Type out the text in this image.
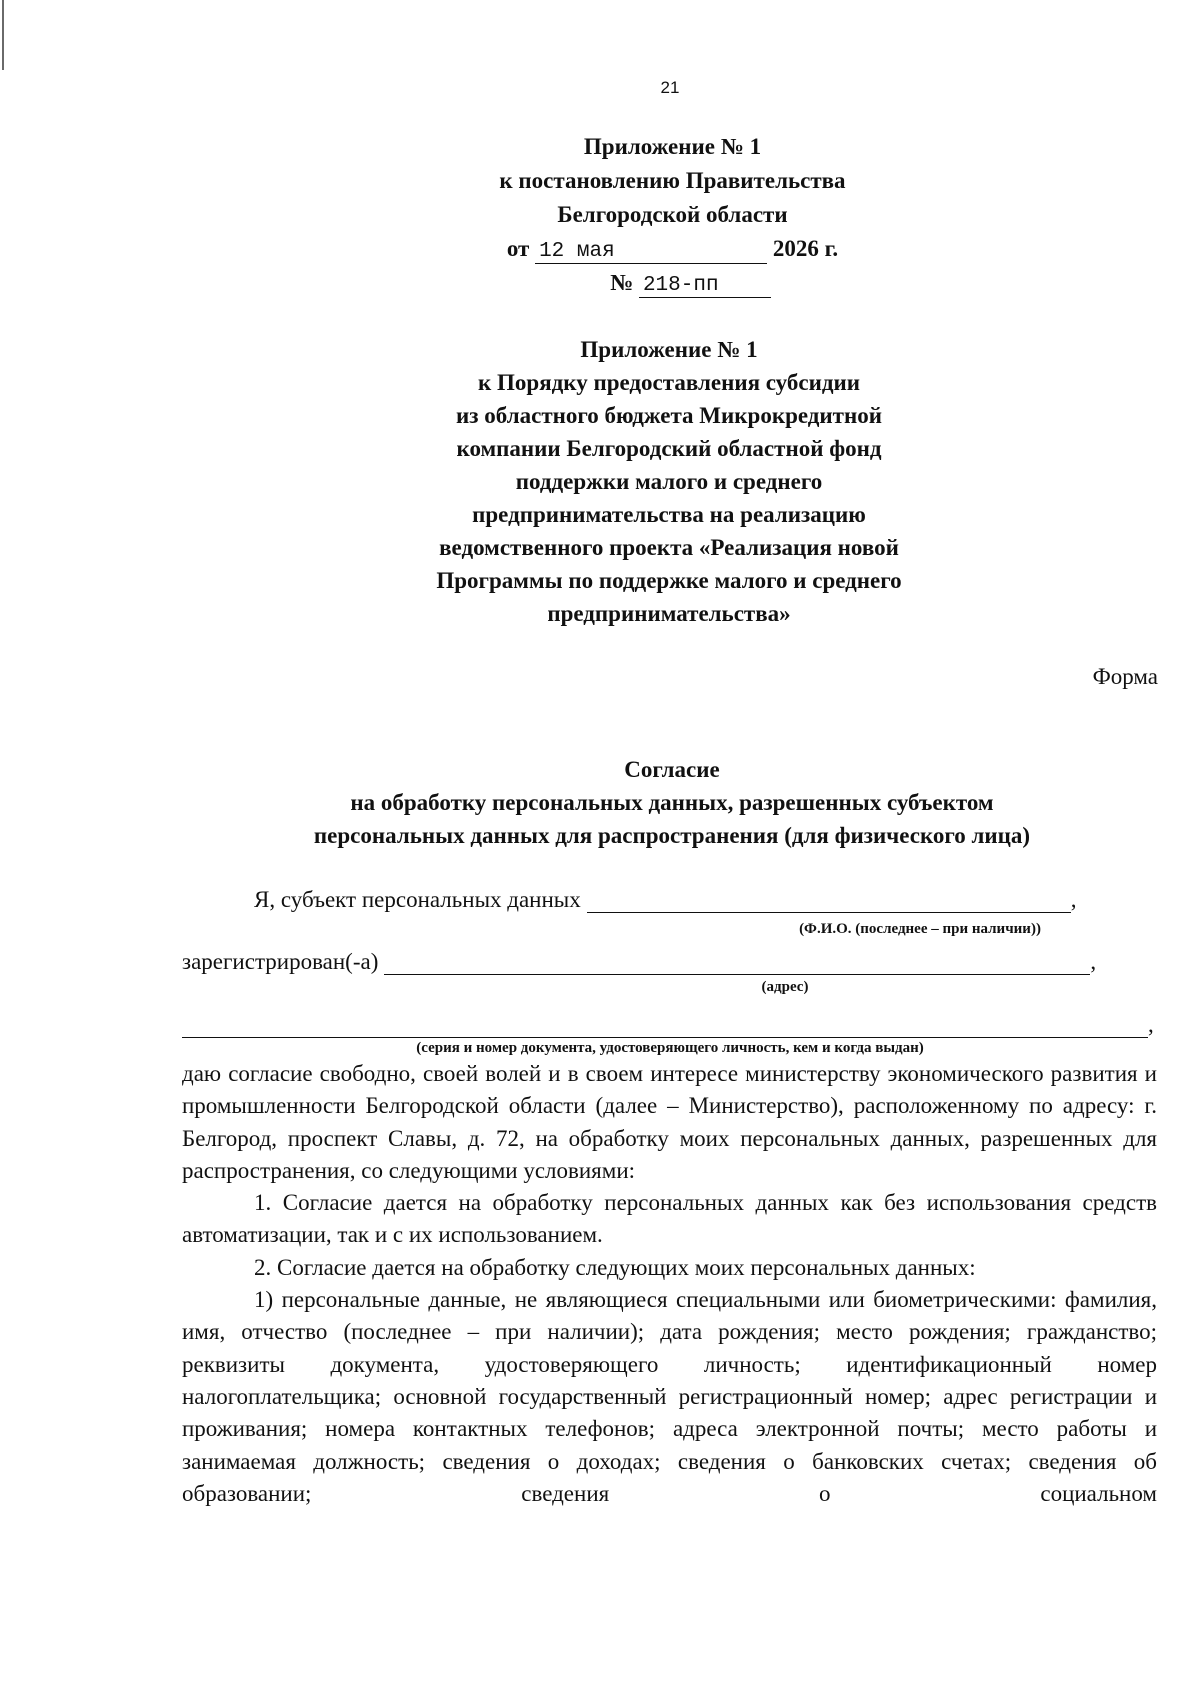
21
Приложение № 1
к постановлению Правительства
Белгородской области
от 12 мая	2026 г.
№ 218-пп
Приложение № 1
к Порядку предоставления субсидии
из областного бюджета Микрокредитной
компании Белгородский областной фонд
поддержки малого и среднего
предпринимательства на реализацию
ведомственного проекта «Реализация новой
Программы по поддержке малого и среднего
предпринимательства»
Форма
Согласие
на обработку персональных данных, разрешенных субъектом
персональных данных для распространения (для физического лица)
Я, субъект персональных данных	,
(Ф.И.О. (последнее – при наличии))
зарегистрирован(-а)	,
(адрес)
,
(серия и номер документа, удостоверяющего личность, кем и когда выдан)

даю согласие свободно, своей волей и в своем интересе министерству экономического развития и промышленности Белгородской области (далее – Министерство), расположенному по адресу: г. Белгород, проспект Славы, д. 72, на обработку моих персональных данных, разрешенных для распространения, со следующими условиями:

1. Согласие дается на обработку персональных данных как без использования средств автоматизации, так и с их использованием.

2. Согласие дается на обработку следующих моих персональных данных:

1) персональные данные, не являющиеся специальными или биометрическими: фамилия, имя, отчество (последнее – при наличии); дата рождения; место рождения; гражданство; реквизиты документа, удостоверяющего личность; идентификационный номер налогоплательщика; основной государственный регистрационный номер; адрес регистрации и проживания; номера контактных телефонов; адреса электронной почты; место работы и занимаемая должность; сведения о доходах; сведения о банковских счетах; сведения об образовании; сведения о социальном
